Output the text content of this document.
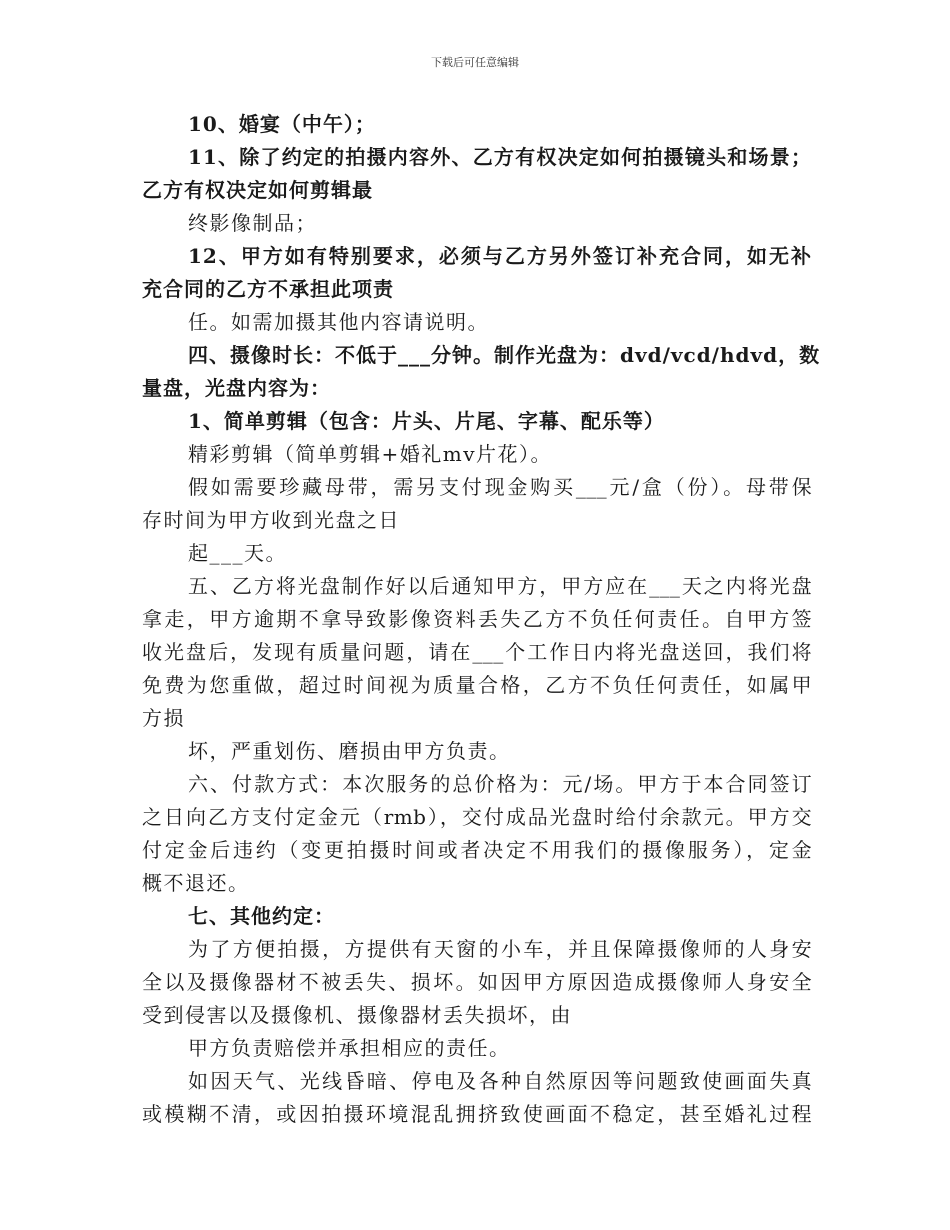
下载后可任意编辑
10、婚宴（中午）；
11、除了约定的拍摄内容外、乙方有权决定如何拍摄镜头和场景；
乙方有权决定如何剪辑最
终影像制品；
12、甲方如有特别要求，必须与乙方另外签订补充合同，如无补
充合同的乙方不承担此项责
任。如需加摄其他内容请说明。
四、摄像时长：不低于___分钟。制作光盘为：dvd/vcd/hdvd，数
量盘，光盘内容为：
1、简单剪辑（包含：片头、片尾、字幕、配乐等）
精彩剪辑（简单剪辑+婚礼mv片花）。
假如需要珍藏母带，需另支付现金购买___元/盒（份）。母带保
存时间为甲方收到光盘之日
起___天。
五、乙方将光盘制作好以后通知甲方，甲方应在___天之内将光盘
拿走，甲方逾期不拿导致影像资料丢失乙方不负任何责任。自甲方签
收光盘后，发现有质量问题，请在___个工作日内将光盘送回，我们将
免费为您重做，超过时间视为质量合格，乙方不负任何责任，如属甲
方损
坏，严重划伤、磨损由甲方负责。
六、付款方式：本次服务的总价格为：元/场。甲方于本合同签订
之日向乙方支付定金元（rmb），交付成品光盘时给付余款元。甲方交
付定金后违约（变更拍摄时间或者决定不用我们的摄像服务），定金
概不退还。
七、其他约定：
为了方便拍摄，方提供有天窗的小车，并且保障摄像师的人身安
全以及摄像器材不被丢失、损坏。如因甲方原因造成摄像师人身安全
受到侵害以及摄像机、摄像器材丢失损坏，由
甲方负责赔偿并承担相应的责任。
如因天气、光线昏暗、停电及各种自然原因等问题致使画面失真
或模糊不清，或因拍摄环境混乱拥挤致使画面不稳定，甚至婚礼过程
